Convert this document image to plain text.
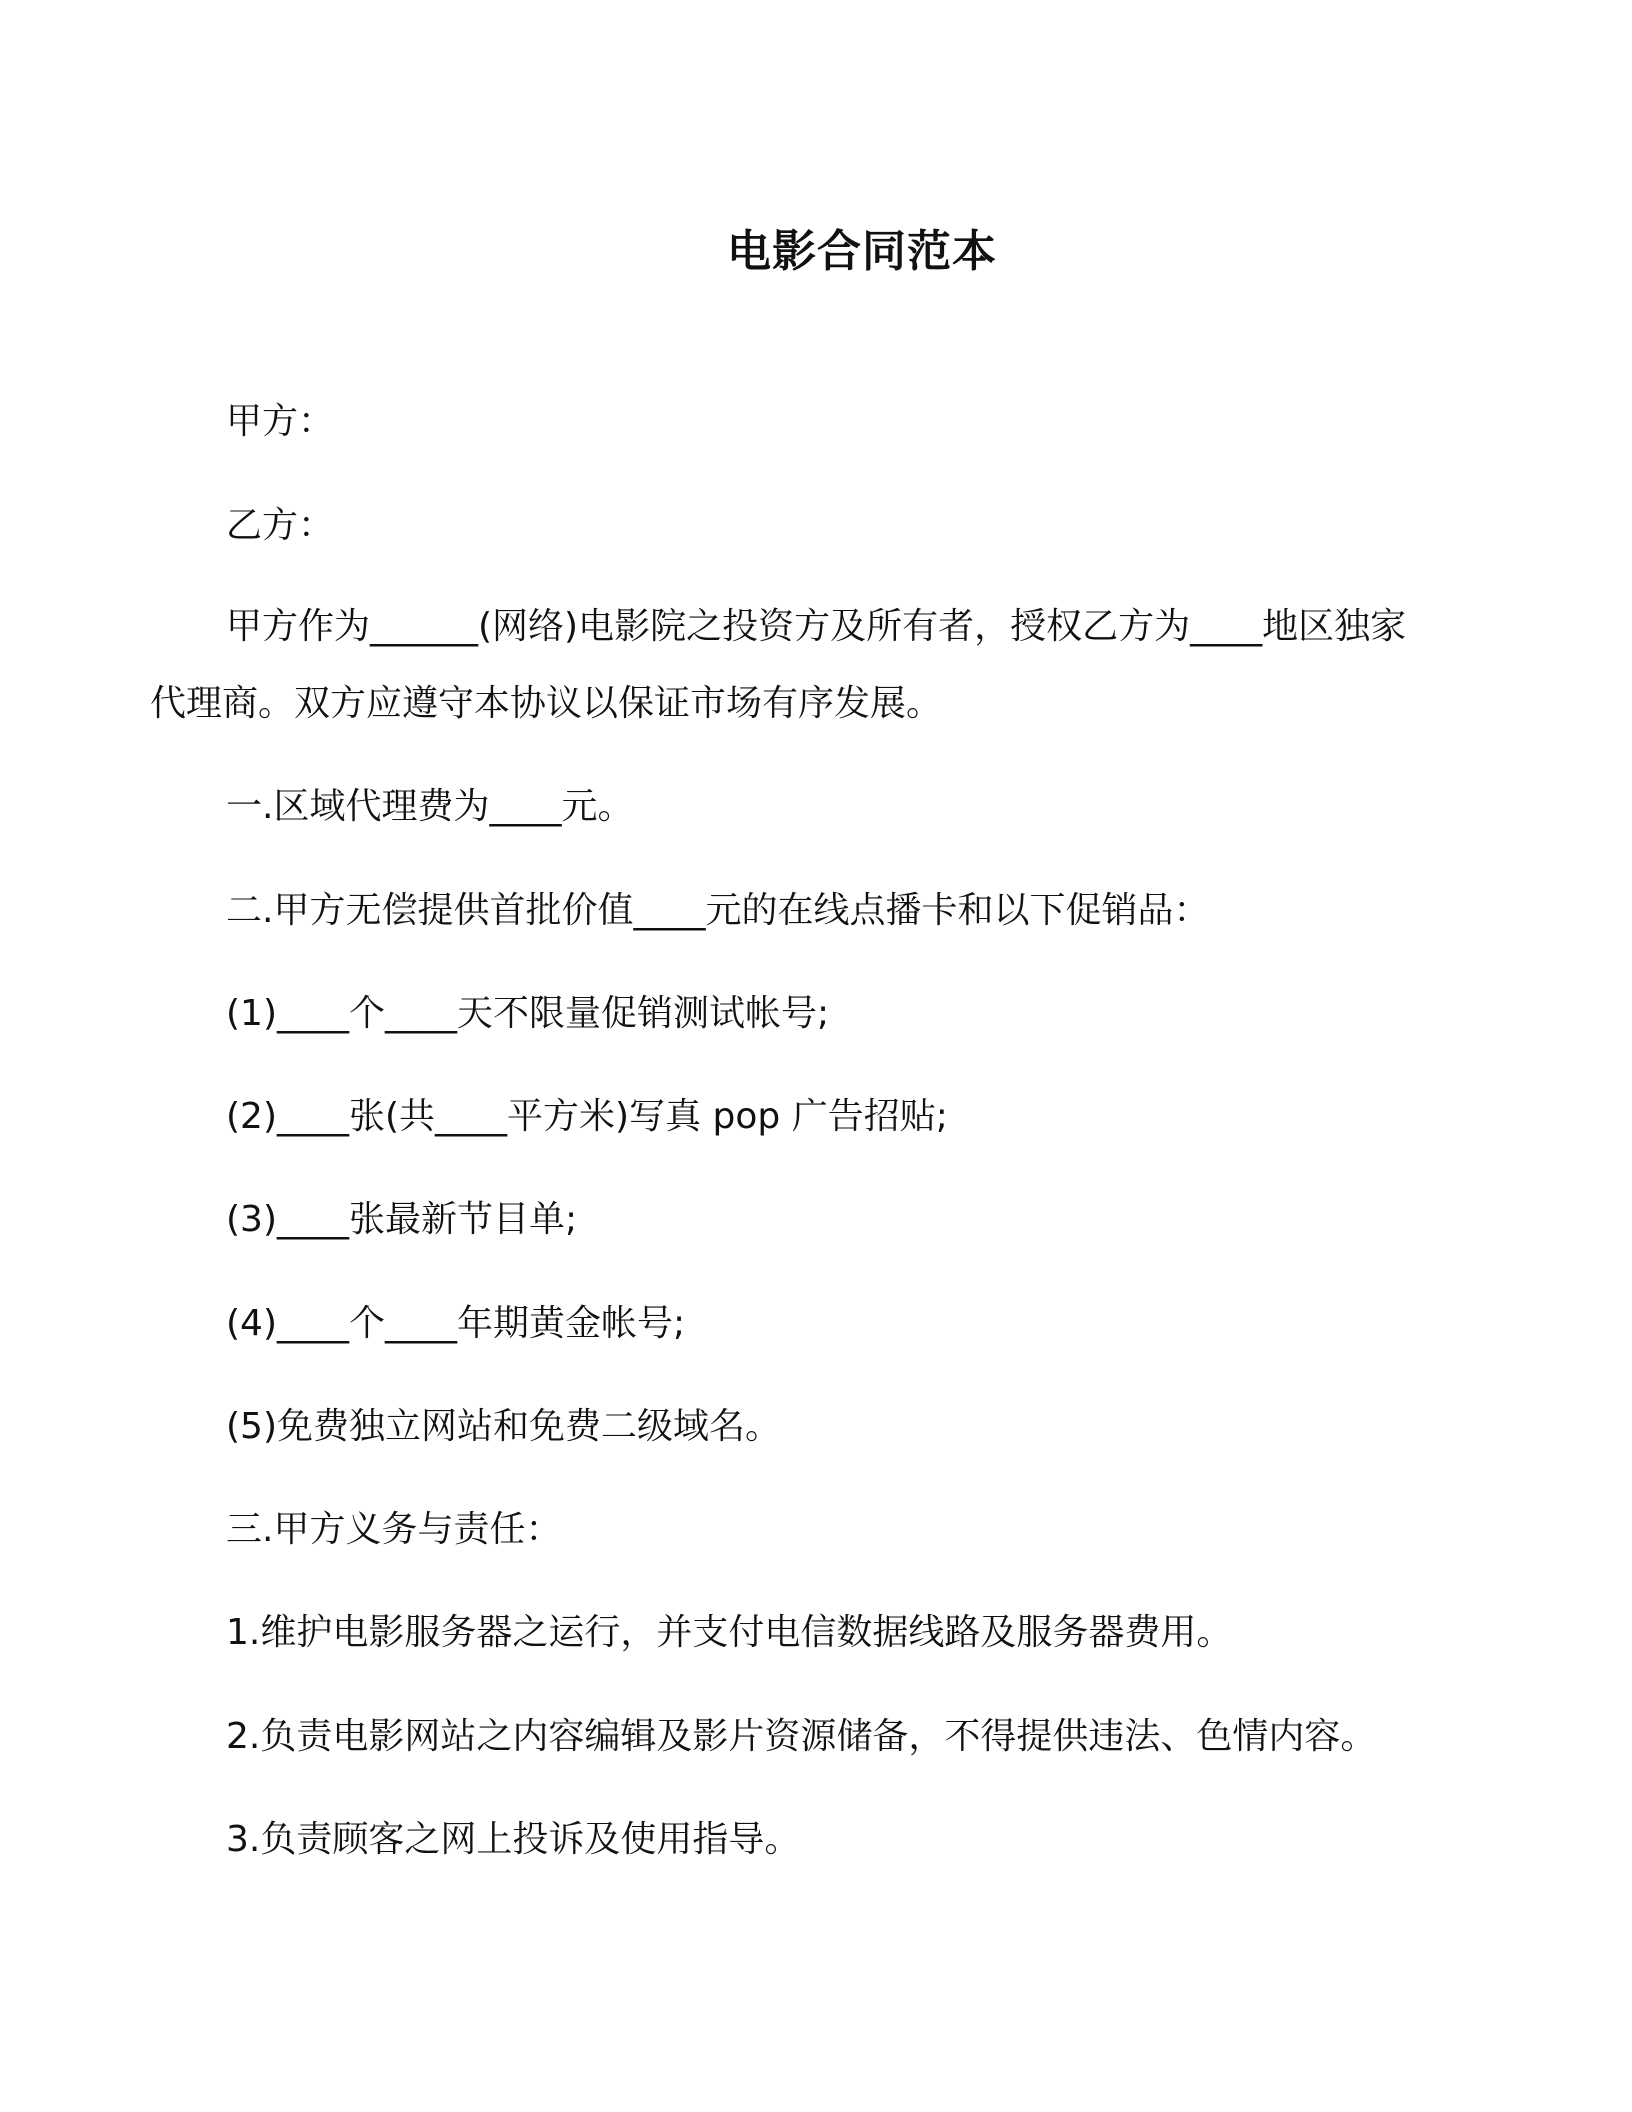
电影合同范本

甲方：

乙方：

甲方作为______(网络)电影院之投资方及所有者，授权乙方为____地区独家

代理商。双方应遵守本协议以保证市场有序发展。

一.区域代理费为____元。

二.甲方无偿提供首批价值____元的在线点播卡和以下促销品：

(1)____个____天不限量促销测试帐号;

(2)____张(共____平方米)写真 pop 广告招贴;

(3)____张最新节目单;

(4)____个____年期黄金帐号;

(5)免费独立网站和免费二级域名。

三.甲方义务与责任：

1.维护电影服务器之运行，并支付电信数据线路及服务器费用。

2.负责电影网站之内容编辑及影片资源储备，不得提供违法、色情内容。

3.负责顾客之网上投诉及使用指导。
